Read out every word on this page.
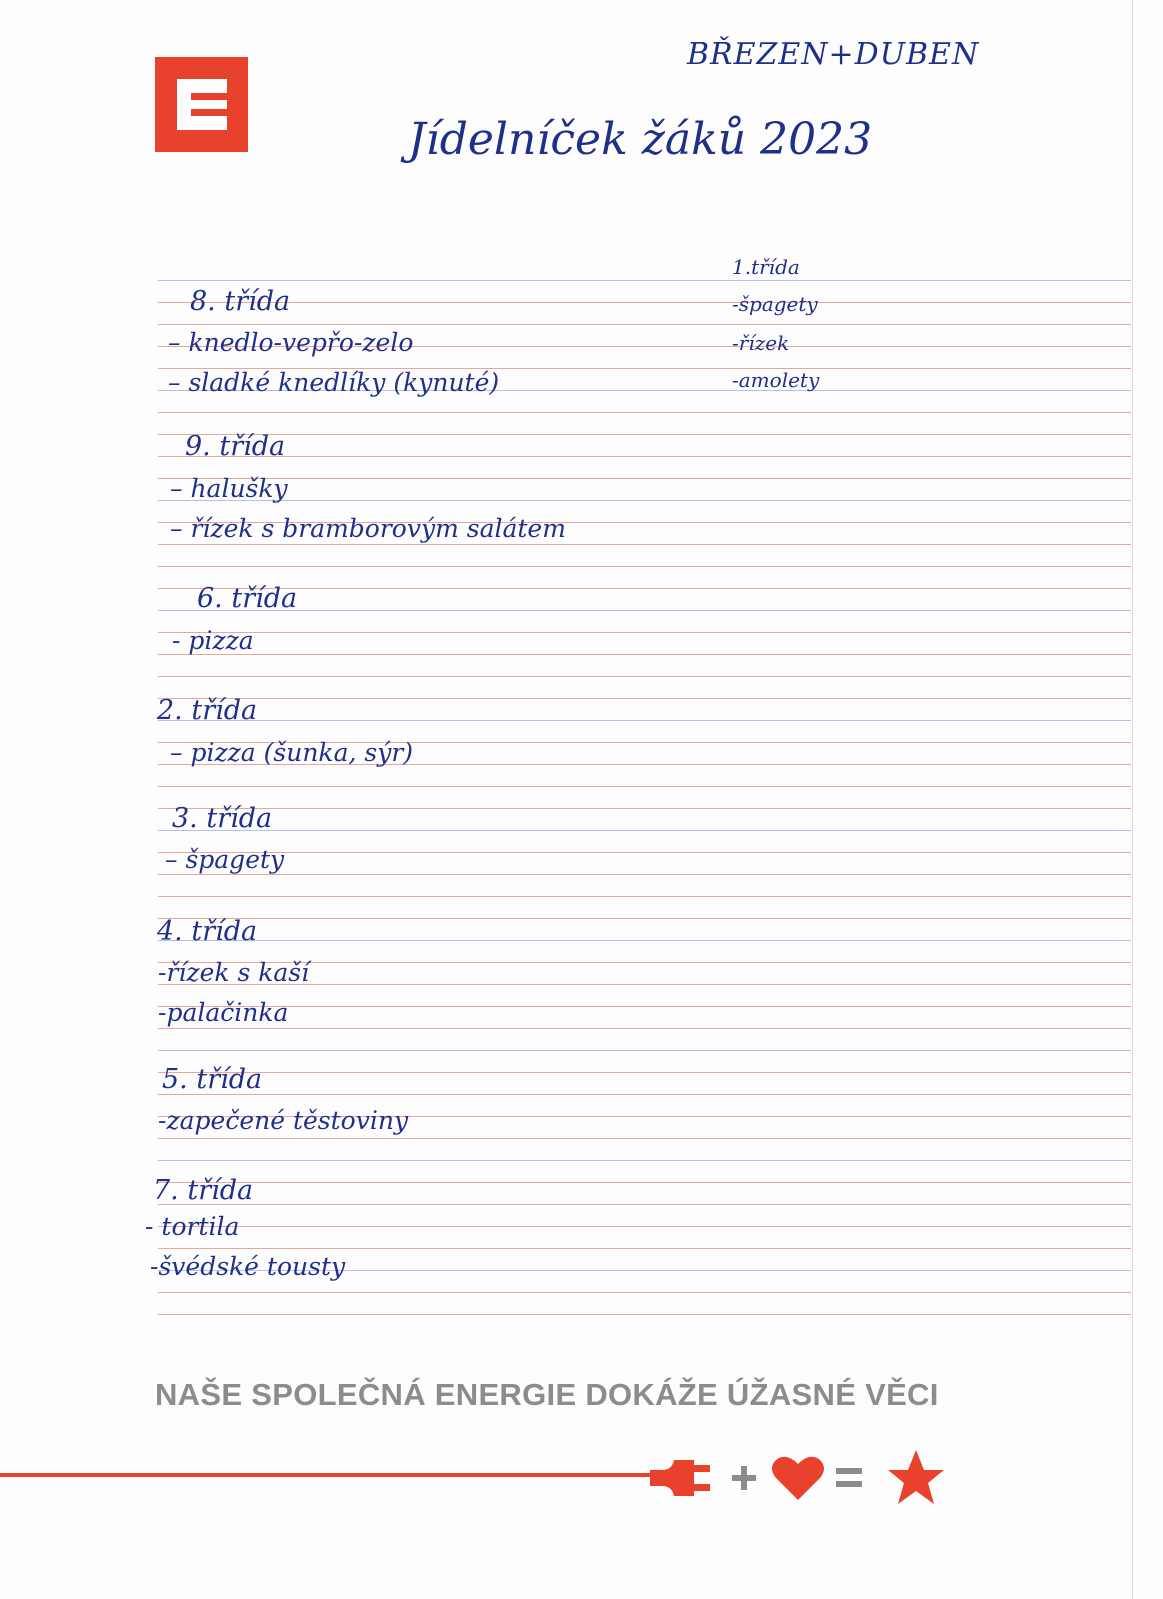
BŘEZEN+DUBEN
Jídelníček žáků 2023
1.třída
-špagety
-řízek
-amolety
8. třída
– knedlo-vepřo-zelo
– sladké knedlíky (kynuté)
9. třída
– halušky
– řízek s bramborovým salátem
6. třída
- pizza
2. třída
– pizza (šunka, sýr)
3. třída
– špagety
4. třída
-řízek s kaší
-palačinka
5. třída
-zapečené těstoviny
7. třída
- tortila
-švédské tousty
NAŠE SPOLEČNÁ ENERGIE DOKÁŽE ÚŽASNÉ VĚCI
